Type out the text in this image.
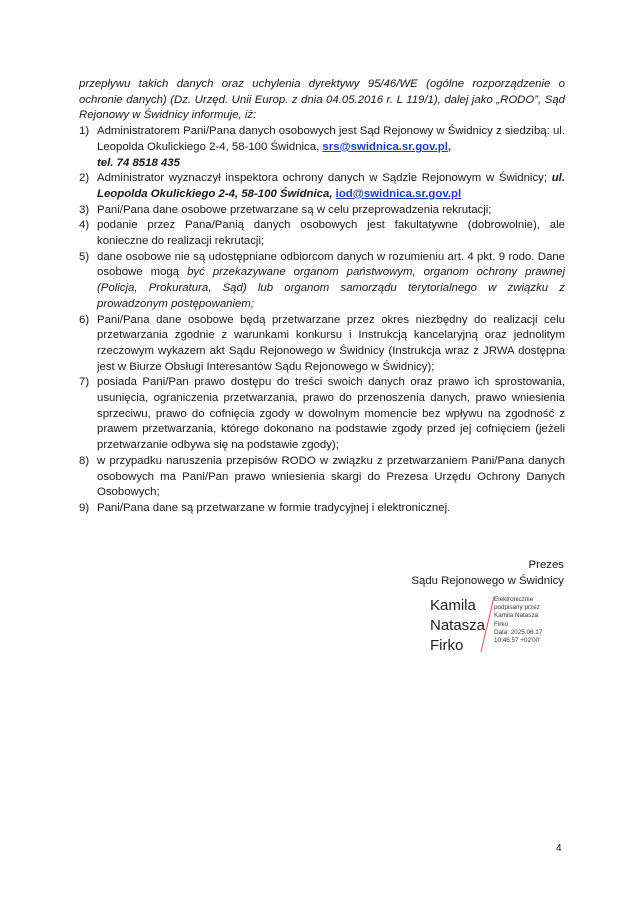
przepływu takich danych oraz uchylenia dyrektywy 95/46/WE (ogólne rozporządzenie o ochronie danych) (Dz. Urzęd. Unii Europ. z dnia 04.05.2016 r. L 119/1), dalej jako „RODO”, Sąd Rejonowy w Świdnicy informuje, iż:
1) Administratorem Pani/Pana danych osobowych jest Sąd Rejonowy w Świdnicy z siedzibą: ul. Leopolda Okulickiego 2-4, 58-100 Świdnica, srs@swidnica.sr.gov.pl,
tel. 74 8518 435
2) Administrator wyznaczył inspektora ochrony danych w Sądzie Rejonowym w Świdnicy; ul. Leopolda Okulickiego 2-4, 58-100 Świdnica, iod@swidnica.sr.gov.pl
3) Pani/Pana dane osobowe przetwarzane są w celu przeprowadzenia rekrutacji;
4) podanie przez Pana/Panią danych osobowych jest fakultatywne (dobrowolnie), ale konieczne do realizacji rekrutacji;
5) dane osobowe nie są udostępniane odbiorcom danych w rozumieniu art. 4 pkt. 9 rodo. Dane osobowe mogą być przekazywane organom państwowym, organom ochrony prawnej (Policja, Prokuratura, Sąd) lub organom samorządu terytorialnego w związku z prowadzonym postępowaniem;
6) Pani/Pana dane osobowe będą przetwarzane przez okres niezbędny do realizacji celu przetwarzania zgodnie z warunkami konkursu i Instrukcją kancelaryjną oraz jednolitym rzeczowym wykazem akt Sądu Rejonowego w Świdnicy (Instrukcja wraz z JRWA dostępna jest w Biurze Obsługi Interesantów Sądu Rejonowego w Świdnicy);
7) posiada Pani/Pan prawo dostępu do treści swoich danych oraz prawo ich sprostowania, usunięcia, ograniczenia przetwarzania, prawo do przenoszenia danych, prawo wniesienia sprzeciwu, prawo do cofnięcia zgody w dowolnym momencie bez wpływu na zgodność z prawem przetwarzania, którego dokonano na podstawie zgody przed jej cofnięciem (jeżeli przetwarzanie odbywa się na podstawie zgody);
8) w przypadku naruszenia przepisów RODO w związku z przetwarzaniem Pani/Pana danych osobowych ma Pani/Pan prawo wniesienia skargi do Prezesa Urzędu Ochrony Danych Osobowych;
9) Pani/Pana dane są przetwarzane w formie tradycyjnej i elektronicznej.
Prezes
Sądu Rejonowego w Świdnicy
Kamila
Natasza
Firko
Elektronicznie
podpisany przez
Kamila Natasza
Firko
Data: 2025.06.17
10:46:57 +02'00'
4
